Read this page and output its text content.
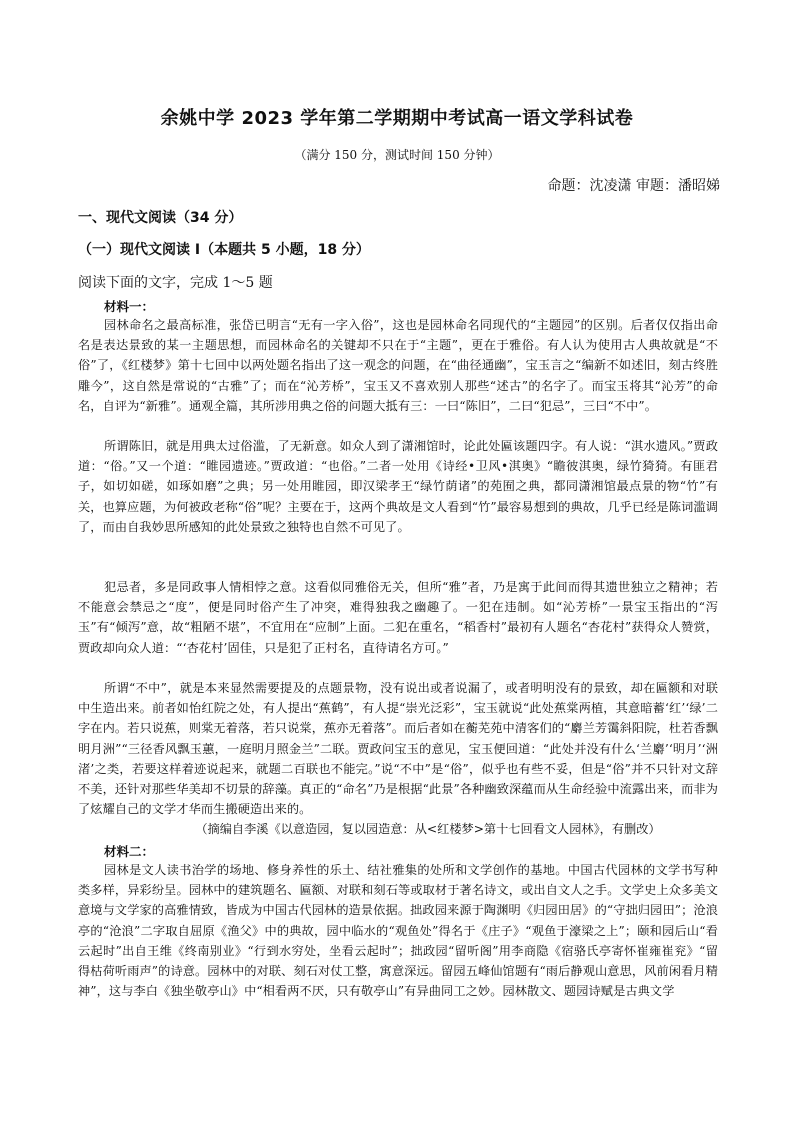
余姚中学 2023 学年第二学期期中考试高一语文学科试卷
（满分 150 分，测试时间 150 分钟）
命题：沈凌潇 审题：潘昭娣
一、现代文阅读（34 分）
（一）现代文阅读 Ⅰ（本题共 5 小题，18 分）
阅读下面的文字，完成 1～5 题
材料一：

园林命名之最高标准，张岱已明言“无有一字入俗”，这也是园林命名同现代的“主题园”的区别。后者仅仅指出命名是表达景致的某一主题思想，而园林命名的关键却不只在于“主题”，更在于雅俗。有人认为使用古人典故就是“不俗”了，《红楼梦》第十七回中以两处题名指出了这一观念的问题，在“曲径通幽”，宝玉言之“编新不如述旧，刻古终胜雕今”，这自然是常说的“古雅”了；而在“沁芳桥”，宝玉又不喜欢别人那些“述古”的名字了。而宝玉将其“沁芳”的命名，自评为“新雅”。通观全篇，其所涉用典之俗的问题大抵有三：一曰“陈旧”，二曰“犯忌”，三曰“不中”。

所谓陈旧，就是用典太过俗滥，了无新意。如众人到了潇湘馆时，论此处匾该题四字。有人说：“淇水遗风。”贾政道：“俗。”又一个道：“睢园遗迹。”贾政道：“也俗。”二者一处用《诗经•卫风•淇奥》“瞻彼淇奥，绿竹猗猗。有匪君子，如切如磋，如琢如磨”之典；另一处用睢园，即汉梁孝王“绿竹荫诸”的苑囿之典，都同潇湘馆最点景的物“竹”有关，也算应题，为何被政老称“俗”呢？主要在于，这两个典故是文人看到“竹”最容易想到的典故，几乎已经是陈词滥调了，而由自我妙思所感知的此处景致之独特也自然不可见了。

犯忌者，多是同政事人情相悖之意。这看似同雅俗无关，但所“雅”者，乃是寓于此间而得其遗世独立之精神；若不能意会禁忌之“度”，便是同时俗产生了冲突，难得独我之幽趣了。一犯在违制。如“沁芳桥”一景宝玉指出的“泻玉”有“倾泻”意，故“粗陋不堪”，不宜用在“应制”上面。二犯在重名，“稻香村”最初有人题名“杏花村”获得众人赞赏，贾政却向众人道：“‘杏花村’固佳，只是犯了正村名，直待请名方可。”

所谓“不中”，就是本来显然需要提及的点题景物，没有说出或者说漏了，或者明明没有的景致，却在匾额和对联中生造出来。前者如怡红院之处，有人提出“蕉鹤”，有人提“崇光泛彩”，宝玉就说“此处蕉棠两植，其意暗蓄‘红’‘绿’二字在内。若只说蕉，则棠无着落，若只说棠，蕉亦无着落”。而后者如在蘅芜苑中清客们的“麝兰芳霭斜阳院，杜若香飘明月洲”“三径香风飘玉蕙，一庭明月照金兰”二联。贾政问宝玉的意见，宝玉便回道：“此处并没有什么‘兰麝’‘明月’‘洲渚’之类，若要这样着迹说起来，就题二百联也不能完。”说“不中”是“俗”，似乎也有些不妥，但是“俗”并不只针对文辞不美，还针对那些华美却不切景的辞藻。真正的“命名”乃是根据“此景”各种幽致深蕴而从生命经验中流露出来，而非为了炫耀自己的文学才华而生搬硬造出来的。

（摘编自李溪《以意造园，复以园造意：从<红楼梦>第十七回看文人园林》，有删改）
材料二：

园林是文人读书治学的场地、修身养性的乐土、结社雅集的处所和文学创作的基地。中国古代园林的文学书写种类多样，异彩纷呈。园林中的建筑题名、匾额、对联和刻石等或取材于著名诗文，或出自文人之手。文学史上众多美文意境与文学家的高雅情致，皆成为中国古代园林的造景依据。拙政园来源于陶渊明《归园田居》的“守拙归园田”；沧浪亭的“沧浪”二字取自屈原《渔父》中的典故，园中临水的“观鱼处”得名于《庄子》“观鱼于濠梁之上”；颐和园后山“看云起时”出自王维《终南别业》“行到水穷处，坐看云起时”；拙政园“留听阁”用李商隐《宿骆氏亭寄怀崔雍崔兖》“留得枯荷听雨声”的诗意。园林中的对联、刻石对仗工整，寓意深远。留园五峰仙馆题有“雨后静观山意思，风前闲看月精神”，这与李白《独坐敬亭山》中“相看两不厌，只有敬亭山”有异曲同工之妙。园林散文、题园诗赋是古典文学
